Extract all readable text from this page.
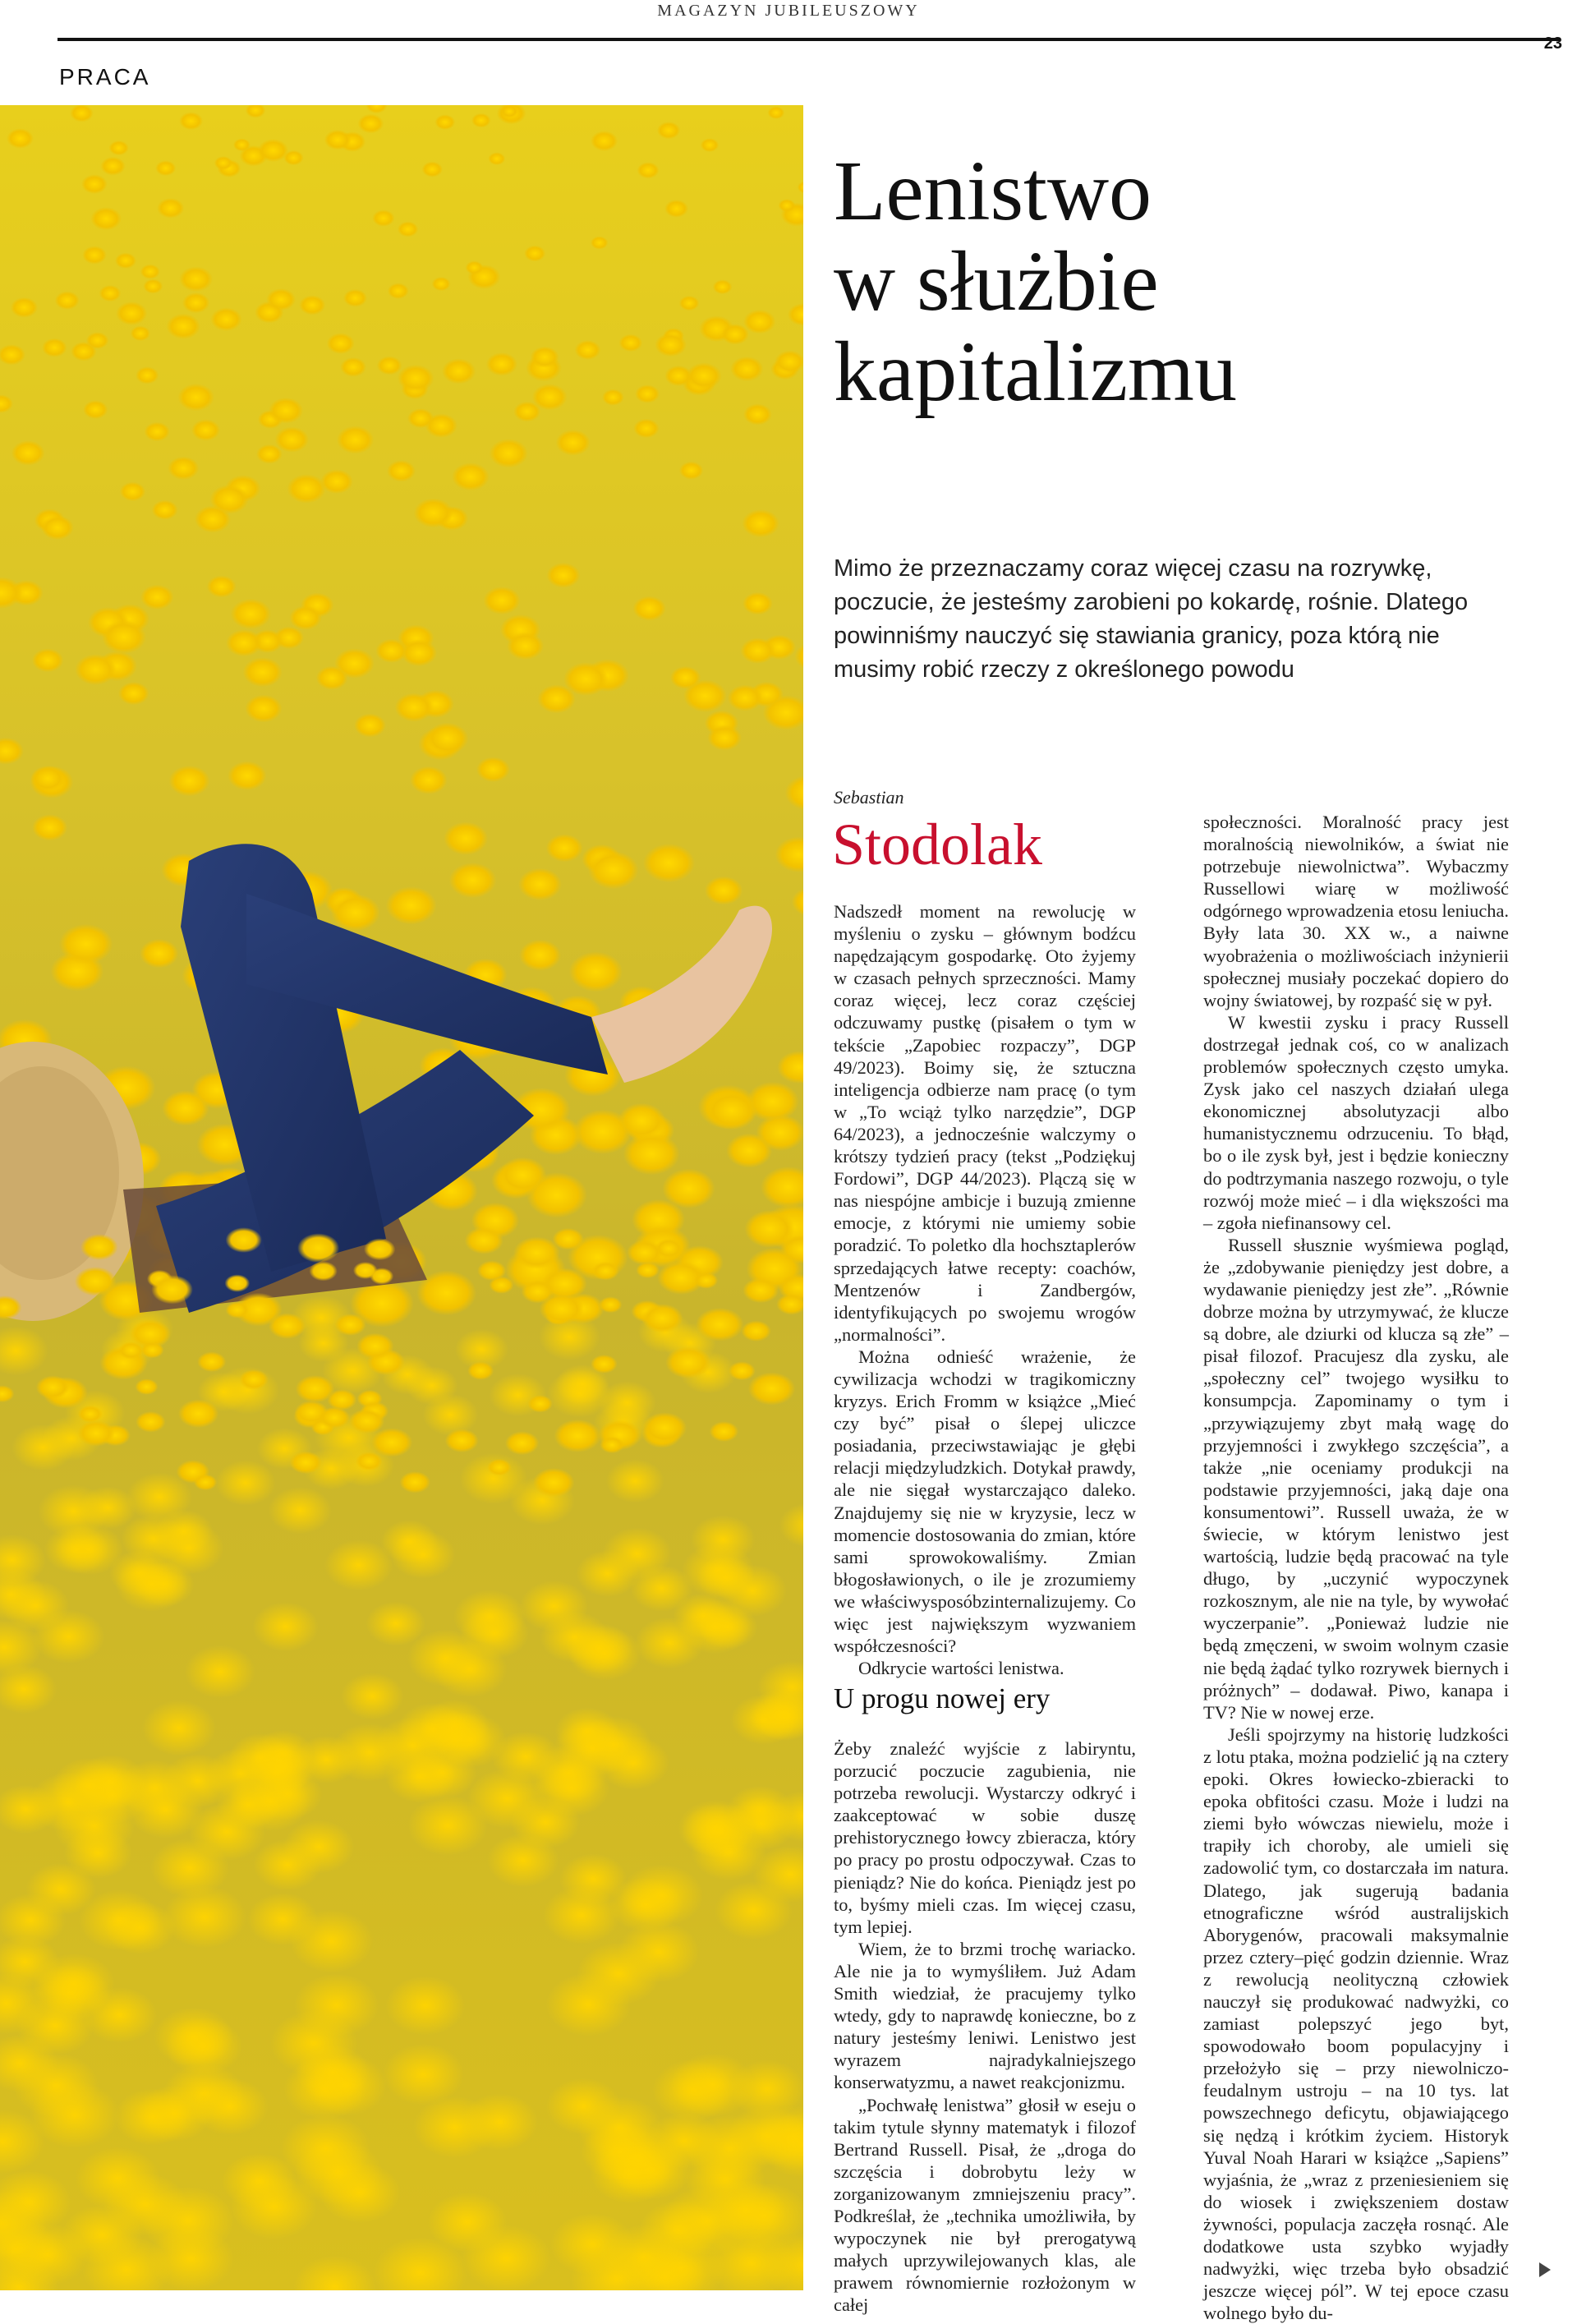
MAGAZYN JUBILEUSZOWY
23
PRACA
Lenistwo
w służbie
kapitalizmu

Mimo że przeznaczamy coraz więcej czasu na rozrywkę, poczucie, że jesteśmy zarobieni po kokardę, rośnie. Dlatego powinniśmy nauczyć się stawiania granicy, poza którą nie musimy robić rzeczy z określonego powodu

Sebastian
Stodolak

Nadszedł moment na rewolucję w myśleniu o zysku – głównym bodźcu napędzającym gospodarkę. Oto żyjemy w czasach pełnych sprzeczności. Mamy coraz więcej, lecz coraz częściej odczuwamy pustkę (pisałem o tym w tekście „Zapobiec rozpaczy”, DGP 49/2023). Boimy się, że sztuczna inteligencja odbierze nam pracę (o tym w „To wciąż tylko narzędzie”, DGP 64/2023), a jednocześnie walczymy o krótszy tydzień pracy (tekst „Podziękuj Fordowi”, DGP 44/2023). Plączą się w nas niespójne ambicje i buzują zmienne emocje, z którymi nie umiemy sobie poradzić. To poletko dla hochsztaplerów sprzedających łatwe recepty: coachów, Mentzenów i Zandbergów, identyfikujących po swojemu wrogów „normalności”.

Można odnieść wrażenie, że cywilizacja wchodzi w tragikomiczny kryzys. Erich Fromm w książce „Mieć czy być” pisał o ślepej uliczce posiadania, przeciwstawiając je głębi relacji międzyludzkich. Dotykał prawdy, ale nie sięgał wystarczająco daleko. Znajdujemy się nie w kryzysie, lecz w momencie dostosowania do zmian, które sami sprowokowaliśmy. Zmian błogosławionych, o ile je zrozumiemy we właściwysposóbzinternalizujemy. Co więc jest największym wyzwaniem współczesności?

Odkrycie wartości lenistwa.

U progu nowej ery

Żeby znaleźć wyjście z labiryntu, porzucić poczucie zagubienia, nie potrzeba rewolucji. Wystarczy odkryć i zaakceptować w sobie duszę prehistorycznego łowcy zbieracza, który po pracy po prostu odpoczywał. Czas to pieniądz? Nie do końca. Pieniądz jest po to, byśmy mieli czas. Im więcej czasu, tym lepiej.

Wiem, że to brzmi trochę wariacko. Ale nie ja to wymyśliłem. Już Adam Smith wiedział, że pracujemy tylko wtedy, gdy to naprawdę konieczne, bo z natury jesteśmy leniwi. Lenistwo jest wyrazem najradykalniejszego konserwatyzmu, a nawet reakcjonizmu.

„Pochwałę lenistwa” głosił w eseju o takim tytule słynny matematyk i filozof Bertrand Russell. Pisał, że „droga do szczęścia i dobrobytu leży w zorganizowanym zmniejszeniu pracy”. Podkreślał, że „technika umożliwiła, by wypoczynek nie był prerogatywą małych uprzywilejowanych klas, ale prawem równomiernie rozłożonym w całej

społeczności. Moralność pracy jest moralnością niewolników, a świat nie potrzebuje niewolnictwa”. Wybaczmy Russellowi wiarę w możliwość odgórnego wprowadzenia etosu leniucha. Były lata 30. XX w., a naiwne wyobrażenia o możliwościach inżynierii społecznej musiały poczekać dopiero do wojny światowej, by rozpaść się w pył.

W kwestii zysku i pracy Russell dostrzegał jednak coś, co w analizach problemów społecznych często umyka. Zysk jako cel naszych działań ulega ekonomicznej absolutyzacji albo humanistycznemu odrzuceniu. To błąd, bo o ile zysk był, jest i będzie konieczny do podtrzymania naszego rozwoju, o tyle rozwój może mieć – i dla większości ma – zgoła niefinansowy cel.

Russell słusznie wyśmiewa pogląd, że „zdobywanie pieniędzy jest dobre, a wydawanie pieniędzy jest złe”. „Równie dobrze można by utrzymywać, że klucze są dobre, ale dziurki od klucza są złe” – pisał filozof. Pracujesz dla zysku, ale „społeczny cel” twojego wysiłku to konsumpcja. Zapominamy o tym i „przywiązujemy zbyt małą wagę do przyjemności i zwykłego szczęścia”, a także „nie oceniamy produkcji na podstawie przyjemności, jaką daje ona konsumentowi”. Russell uważa, że w świecie, w którym lenistwo jest wartością, ludzie będą pracować na tyle długo, by „uczynić wypoczynek rozkosznym, ale nie na tyle, by wywołać wyczerpanie”. „Ponieważ ludzie nie będą zmęczeni, w swoim wolnym czasie nie będą żądać tylko rozrywek biernych i próżnych” – dodawał. Piwo, kanapa i TV? Nie w nowej erze.

Jeśli spojrzymy na historię ludzkości z lotu ptaka, można podzielić ją na cztery epoki. Okres łowiecko-zbieracki to epoka obfitości czasu. Może i ludzi na ziemi było wówczas niewielu, może i trapiły ich choroby, ale umieli się zadowolić tym, co dostarczała im natura. Dlatego, jak sugerują badania etnograficzne wśród australijskich Aborygenów, pracowali maksymalnie przez cztery–pięć godzin dziennie. Wraz z rewolucją neolityczną człowiek nauczył się produkować nadwyżki, co zamiast polepszyć jego byt, spowodowało boom populacyjny i przełożyło się – przy niewolniczo-feudalnym ustroju – na 10 tys. lat powszechnego deficytu, objawiającego się nędzą i krótkim życiem. Historyk Yuval Noah Harari w książce „Sapiens” wyjaśnia, że „wraz z przeniesieniem się do wiosek i zwiększeniem dostaw żywności, populacja zaczęła rosnąć. Ale dodatkowe usta szybko wyjadły nadwyżki, więc trzeba było obsadzić jeszcze więcej pól”. W tej epoce czasu wolnego było du-
